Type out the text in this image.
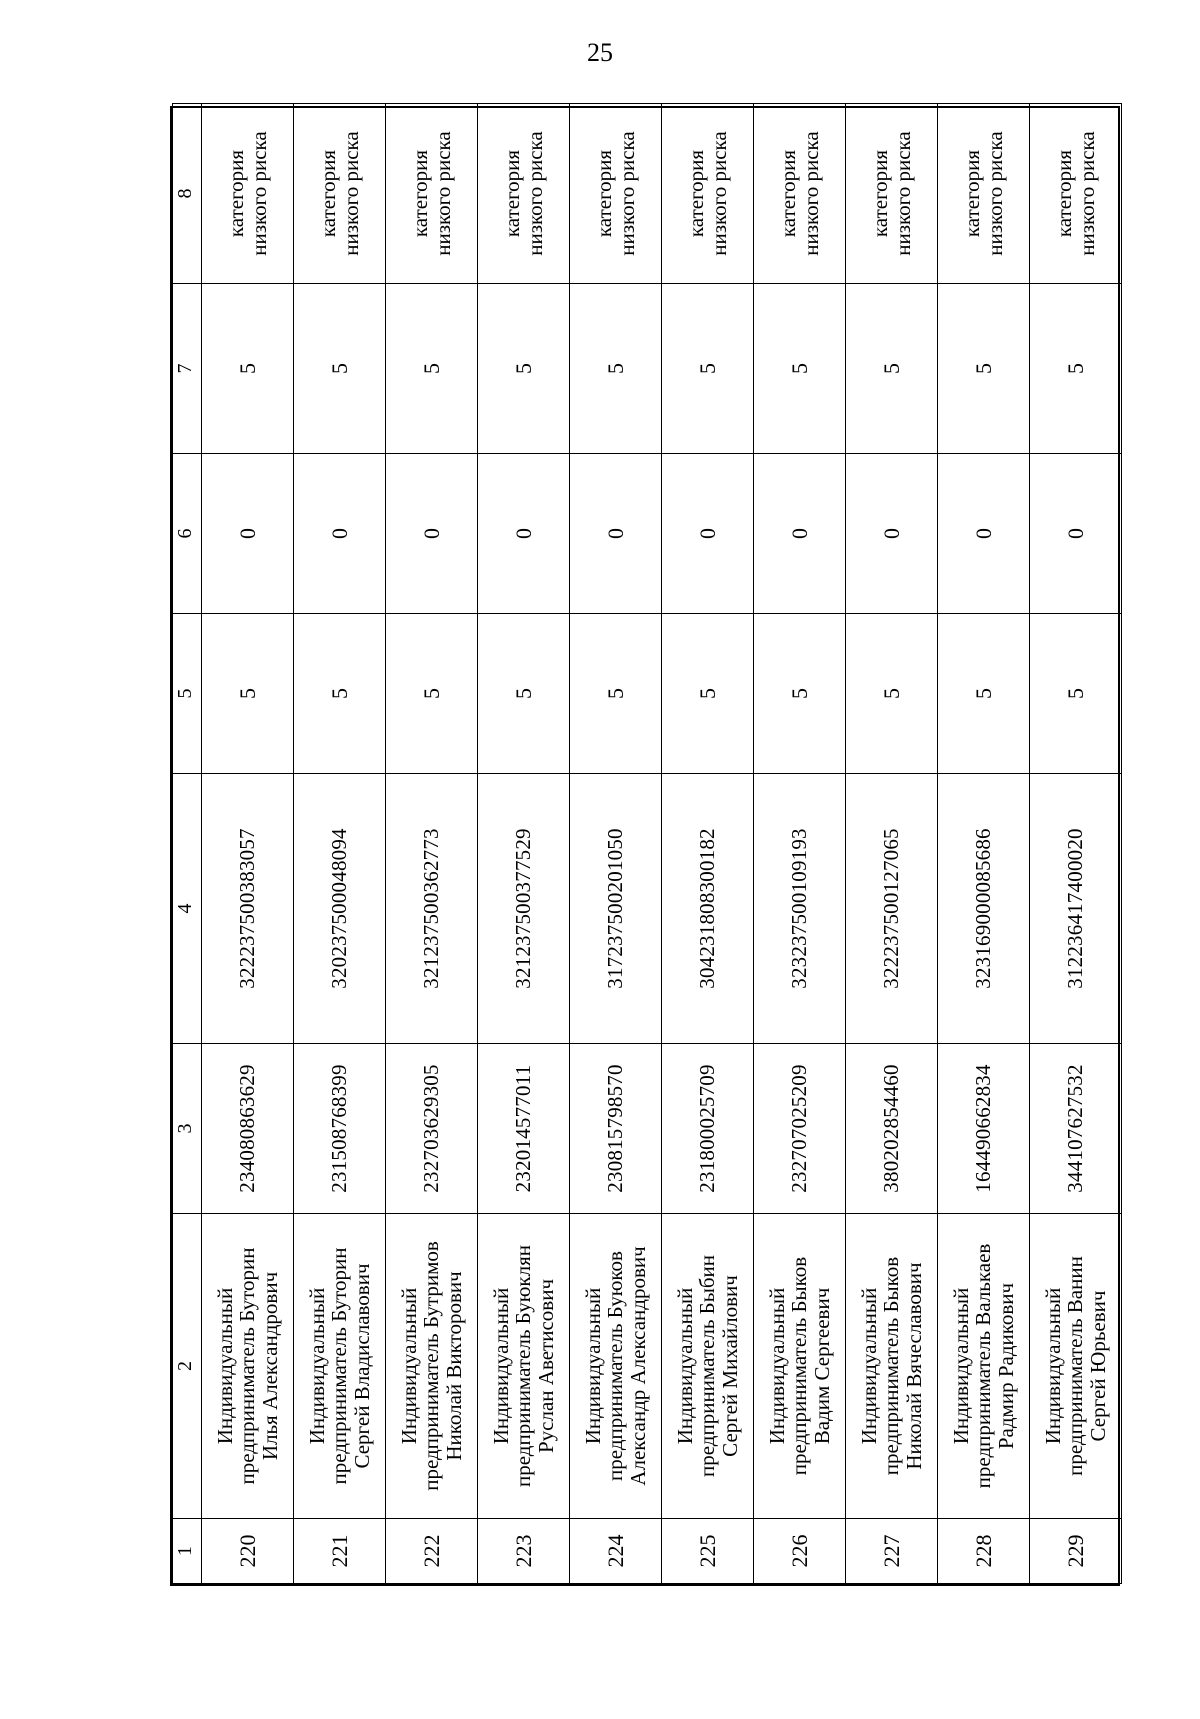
25
1	2	3	4	5	6	7	8
220	Индивидуальный
предприниматель Буторин
Илья Александрович	234080863629	322237500383057	5	0	5	категория
низкого риска

221	Индивидуальный
предприниматель Буторин
Сергей Владиславович	231508768399	320237500048094	5	0	5	категория
низкого риска

222	Индивидуальный
предприниматель Бутримов
Николай Викторович	232703629305	321237500362773	5	0	5	категория
низкого риска

223	Индивидуальный
предприниматель Буюклян
Руслан Аветисович	232014577011	321237500377529	5	0	5	категория
низкого риска

224	Индивидуальный
предприниматель Буюков
Александр Александрович	230815798570	317237500201050	5	0	5	категория
низкого риска

225	Индивидуальный
предприниматель Быбин
Сергей Михайлович	231800025709	304231808300182	5	0	5	категория
низкого риска

226	Индивидуальный
предприниматель Быков
Вадим Сергеевич	232707025209	323237500109193	5	0	5	категория
низкого риска

227	Индивидуальный
предприниматель Быков
Николай Вячеславович	380202854460	322237500127065	5	0	5	категория
низкого риска

228	Индивидуальный
предприниматель Валькаев
Радмир Радикович	164490662834	323169000085686	5	0	5	категория
низкого риска

229	Индивидуальный
предприниматель Ванин
Сергей Юрьевич	344107627532	312236417400020	5	0	5	категория
низкого риска
